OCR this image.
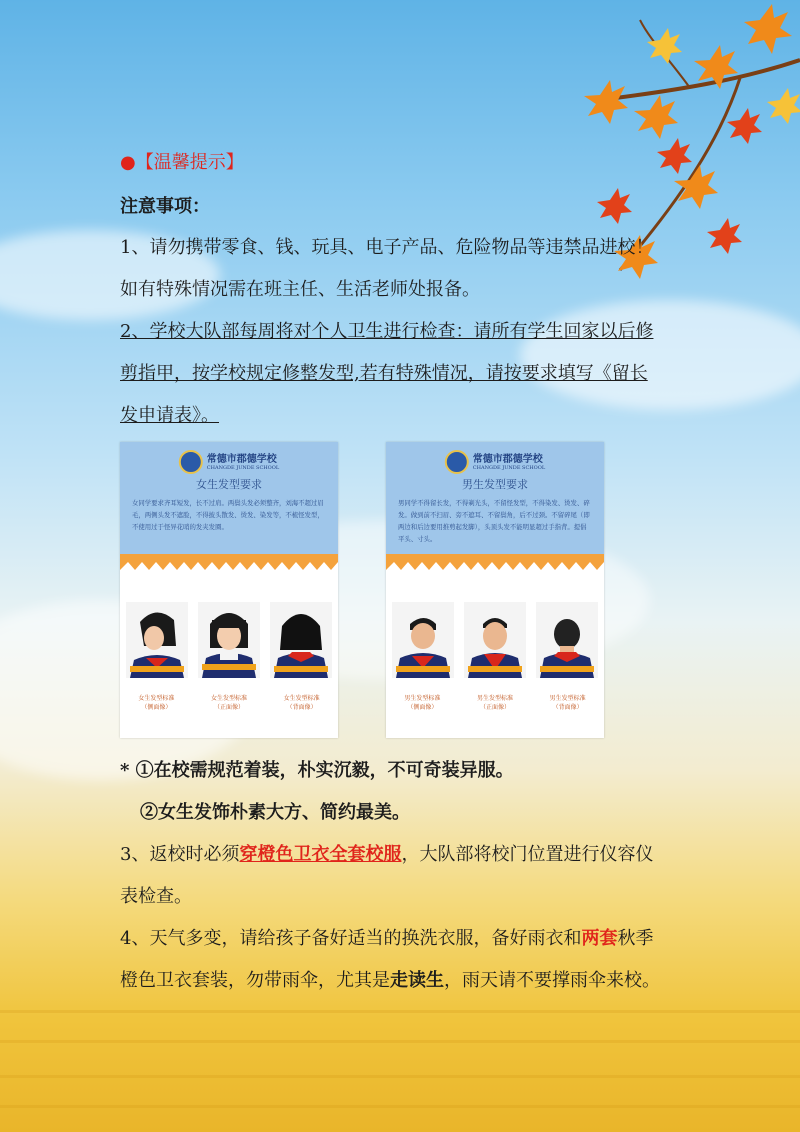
●【温馨提示】
注意事项：
1、请勿携带零食、钱、玩具、电子产品、危险物品等违禁品进校！
如有特殊情况需在班主任、生活老师处报备。
2、学校大队部每周将对个人卫生进行检查：请所有学生回家以后修
剪指甲，按学校规定修整发型,若有特殊情况，请按要求填写《留长
发申请表》。
* ①在校需规范着装，朴实沉毅，不可奇装异服。
②女生发饰朴素大方、简约最美。
3、返校时必须穿橙色卫衣全套校服，大队部将校门位置进行仪容仪
表检查。
4、天气多变，请给孩子备好适当的换洗衣服，备好雨衣和两套秋季
橙色卫衣套装，勿带雨伞，尤其是走读生，雨天请不要撑雨伞来校。
常德市郡德学校
CHANGDE JUNDE SCHOOL
女生发型要求
女同学要求齐耳短发，长不过肩。两鬓头发必须整齐，刘海不超过眉毛，两侧头发不遮脸，不得披头散发、烫发、染发等，不梳怪发型，不使用过于怪异花哨的发夹发圈。
女生发型标准
（侧面像）
女生发型标准
（正面像）
女生发型标准
（背面像）
常德市郡德学校
CHANGDE JUNDE SCHOOL
男生发型要求
男同学不得留长发，不得剃光头，不留怪发型，不得染发、烫发、碎发。做到前不扫眉、旁不遮耳、不留鬓角，后不过颈。不留碎尾（即两边和后边要用推剪起发脚），头顶头发不能明显超过手指背。提倡平头、寸头。
男生发型标准
（侧面像）
男生发型标准
（正面像）
男生发型标准
（背面像）
